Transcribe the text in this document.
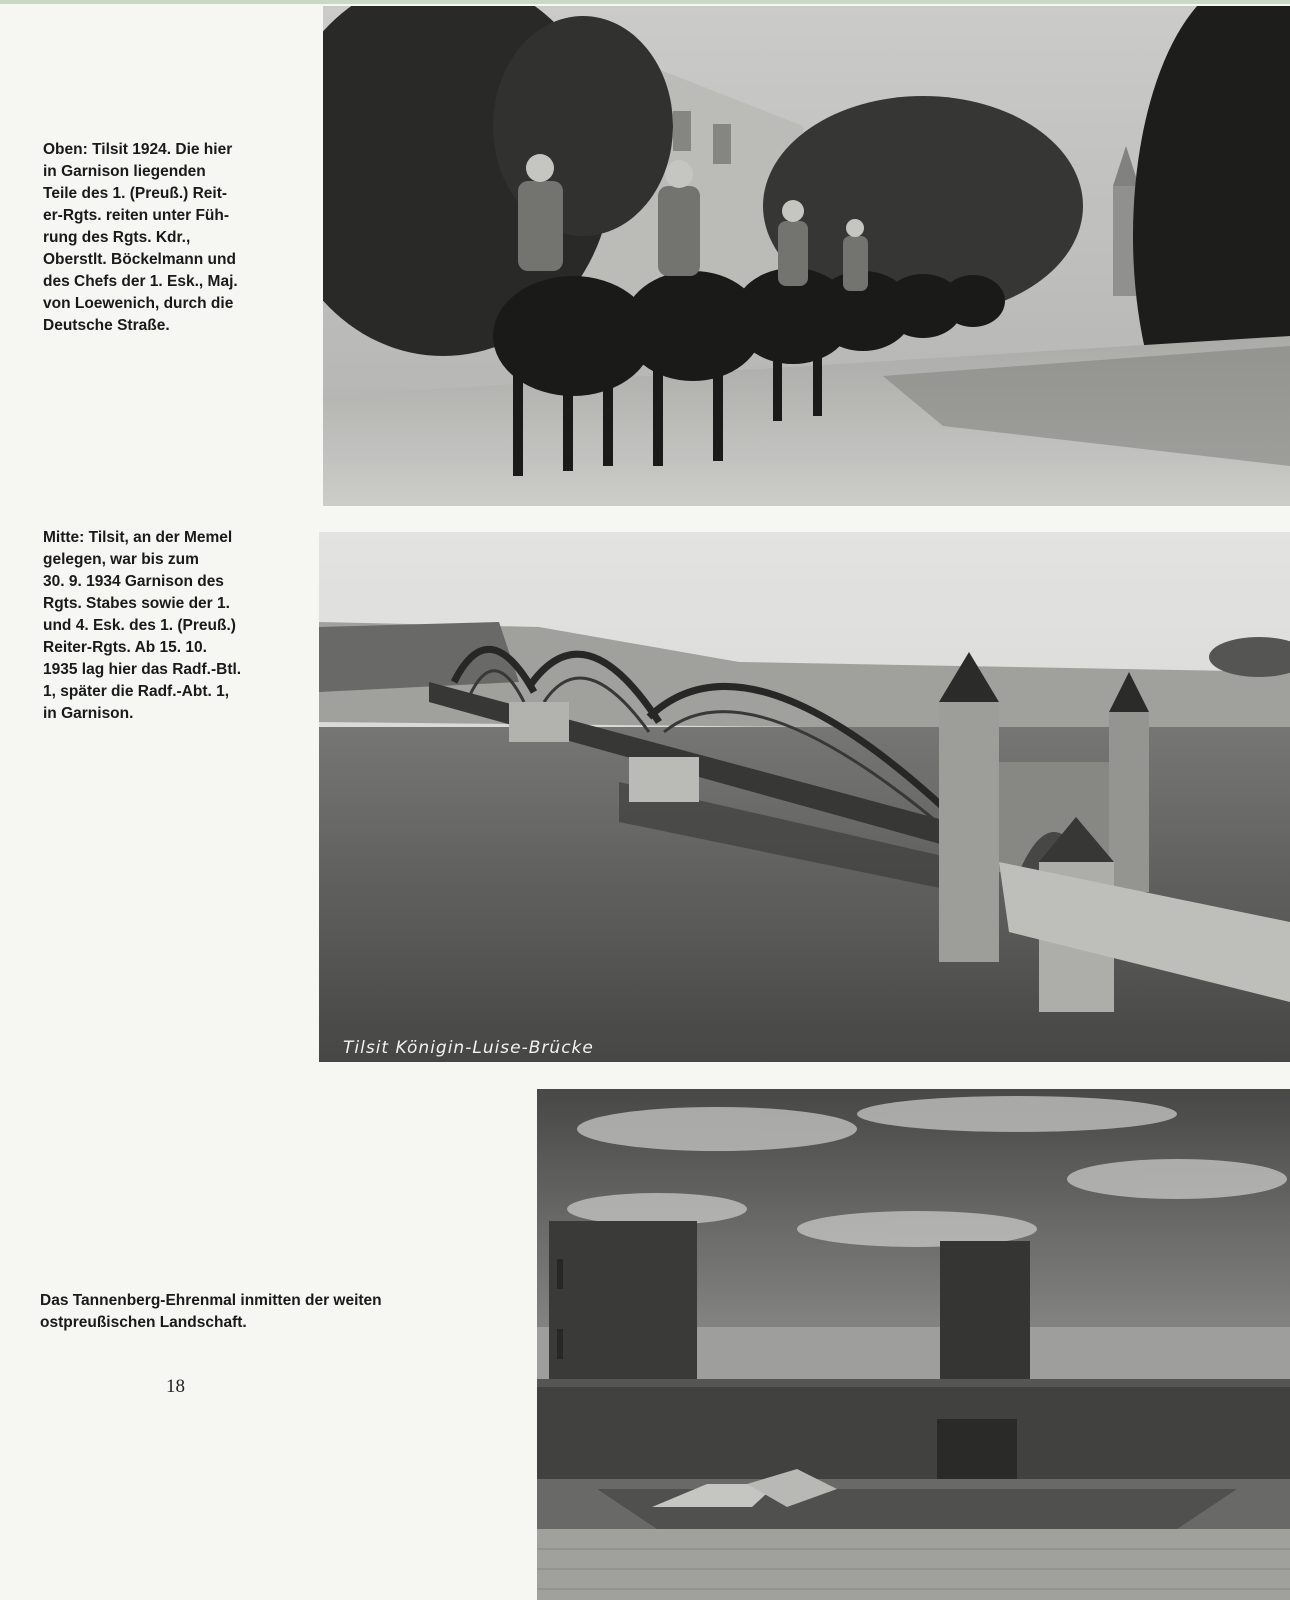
Oben: Tilsit 1924. Die hier
in Garnison liegenden
Teile des 1. (Preuß.) Reit-
er-Rgts. reiten unter Füh-
rung des Rgts. Kdr.,
Oberstlt. Böckelmann und
des Chefs der 1. Esk., Maj.
von Loewenich, durch die
Deutsche Straße.

Mitte: Tilsit, an der Memel
gelegen, war bis zum
30. 9. 1934 Garnison des
Rgts. Stabes sowie der 1.
und 4. Esk. des 1. (Preuß.)
Reiter-Rgts. Ab 15. 10.
1935 lag hier das Radf.-Btl.
1, später die Radf.-Abt. 1,
in Garnison.

Das Tannenberg-Ehrenmal inmitten der weiten
ostpreußischen Landschaft.

18
Tilsit Königin-Luise-Brücke
